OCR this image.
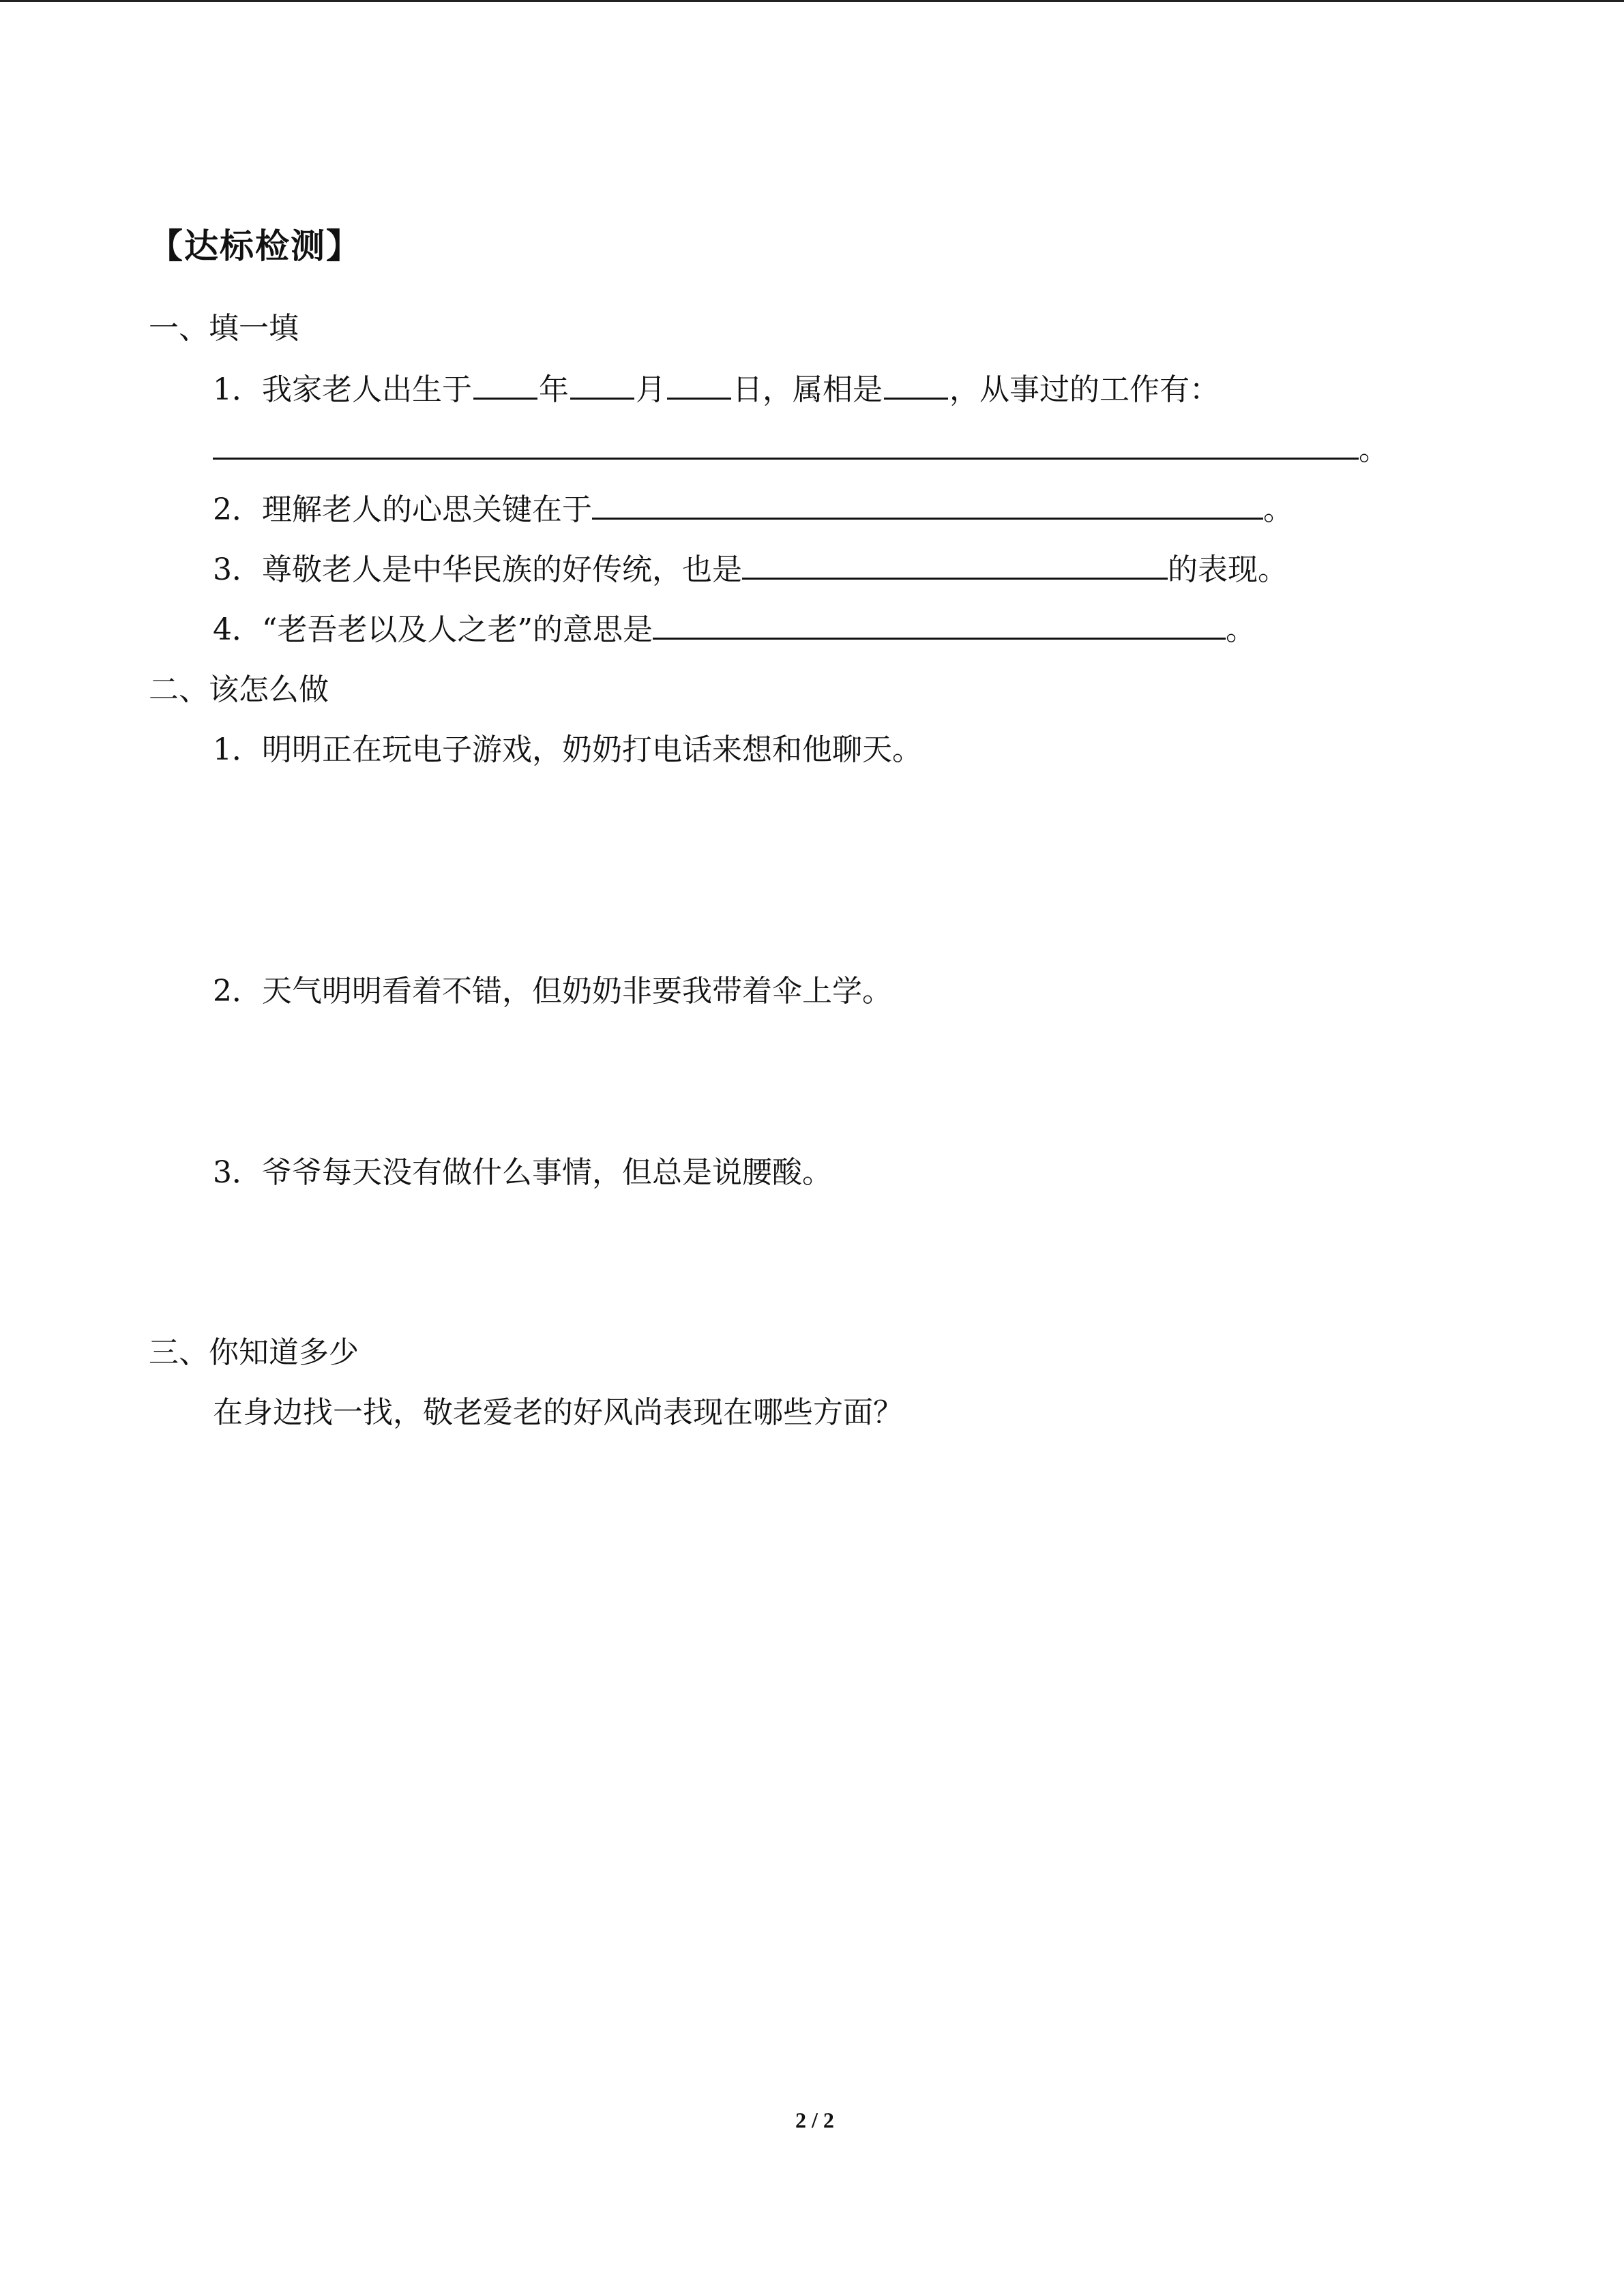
【达标检测】
一、填一填
1．我家老人出生于 年 月 日，属相是 ，从事过的工作有：
。
2．理解老人的心思关键在于	。
3．尊敬老人是中华民族的好传统，也是	的表现。
4．“老吾老以及人之老”的意思是	。
二、该怎么做
1．明明正在玩电子游戏，奶奶打电话来想和他聊天。
2．天气明明看着不错，但奶奶非要我带着伞上学。
3．爷爷每天没有做什么事情，但总是说腰酸。
三、你知道多少
在身边找一找，敬老爱老的好风尚表现在哪些方面？
2 / 2
